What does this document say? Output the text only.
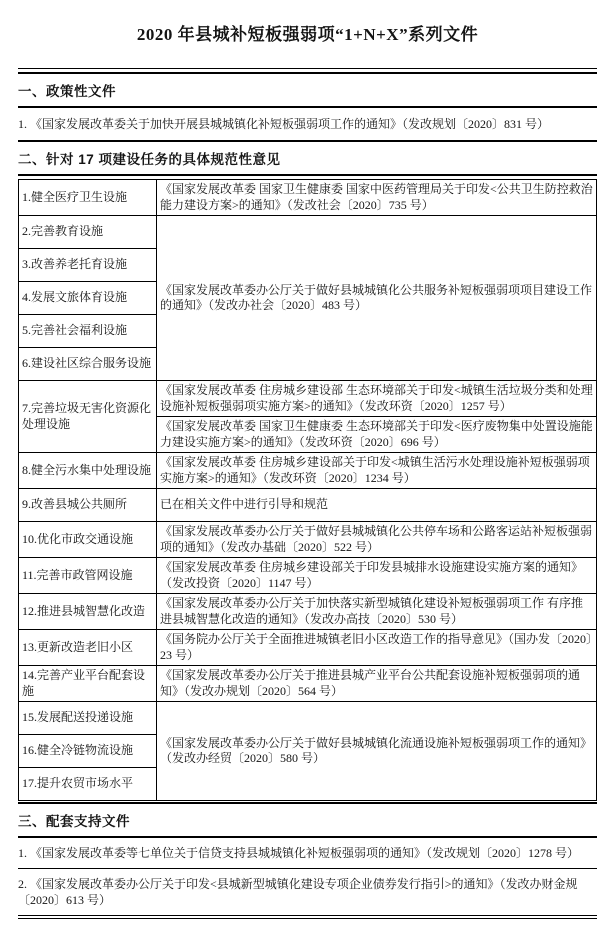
2020 年县城补短板强弱项“1+N+X”系列文件
一、政策性文件
1. 《国家发展改革委关于加快开展县城城镇化补短板强弱项工作的通知》（发改规划〔2020〕831 号）
二、针对 17 项建设任务的具体规范性意见
1.健全医疗卫生设施	《国家发展改革委 国家卫生健康委 国家中医药管理局关于印发<公共卫生防控救治能力建设方案>的通知》（发改社会〔2020〕735 号）
2.完善教育设施	《国家发展改革委办公厅关于做好县城城镇化公共服务补短板强弱项项目建设工作的通知》（发改办社会〔2020〕483 号）
3.改善养老托育设施	
4.发展文旅体育设施	
5.完善社会福利设施	
6.建设社区综合服务设施	
7.完善垃圾无害化资源化处理设施	《国家发展改革委 住房城乡建设部 生态环境部关于印发<城镇生活垃圾分类和处理设施补短板强弱项实施方案>的通知》（发改环资〔2020〕1257 号）
	《国家发展改革委 国家卫生健康委 生态环境部关于印发<医疗废物集中处置设施能力建设实施方案>的通知》（发改环资〔2020〕696 号）
8.健全污水集中处理设施	《国家发展改革委 住房城乡建设部关于印发<城镇生活污水处理设施补短板强弱项实施方案>的通知》（发改环资〔2020〕1234 号）
9.改善县城公共厕所	已在相关文件中进行引导和规范
10.优化市政交通设施	《国家发展改革委办公厅关于做好县城城镇化公共停车场和公路客运站补短板强弱项的通知》（发改办基础〔2020〕522 号）
11.完善市政管网设施	《国家发展改革委 住房城乡建设部关于印发县城排水设施建设实施方案的通知》（发改投资〔2020〕1147 号）
12.推进县城智慧化改造	《国家发展改革委办公厅关于加快落实新型城镇化建设补短板强弱项工作 有序推进县城智慧化改造的通知》（发改办高技〔2020〕530 号）
13.更新改造老旧小区	《国务院办公厅关于全面推进城镇老旧小区改造工作的指导意见》（国办发〔2020〕23 号）
14.完善产业平台配套设施	《国家发展改革委办公厅关于推进县城产业平台公共配套设施补短板强弱项的通知》（发改办规划〔2020〕564 号）
15.发展配送投递设施	《国家发展改革委办公厅关于做好县城城镇化流通设施补短板强弱项工作的通知》（发改办经贸〔2020〕580 号）
16.健全冷链物流设施	
17.提升农贸市场水平	
三、配套支持文件
1. 《国家发展改革委等七单位关于信贷支持县城城镇化补短板强弱项的通知》（发改规划〔2020〕1278 号）
2. 《国家发展改革委办公厅关于印发<县城新型城镇化建设专项企业债券发行指引>的通知》（发改办财金规〔2020〕613 号）
